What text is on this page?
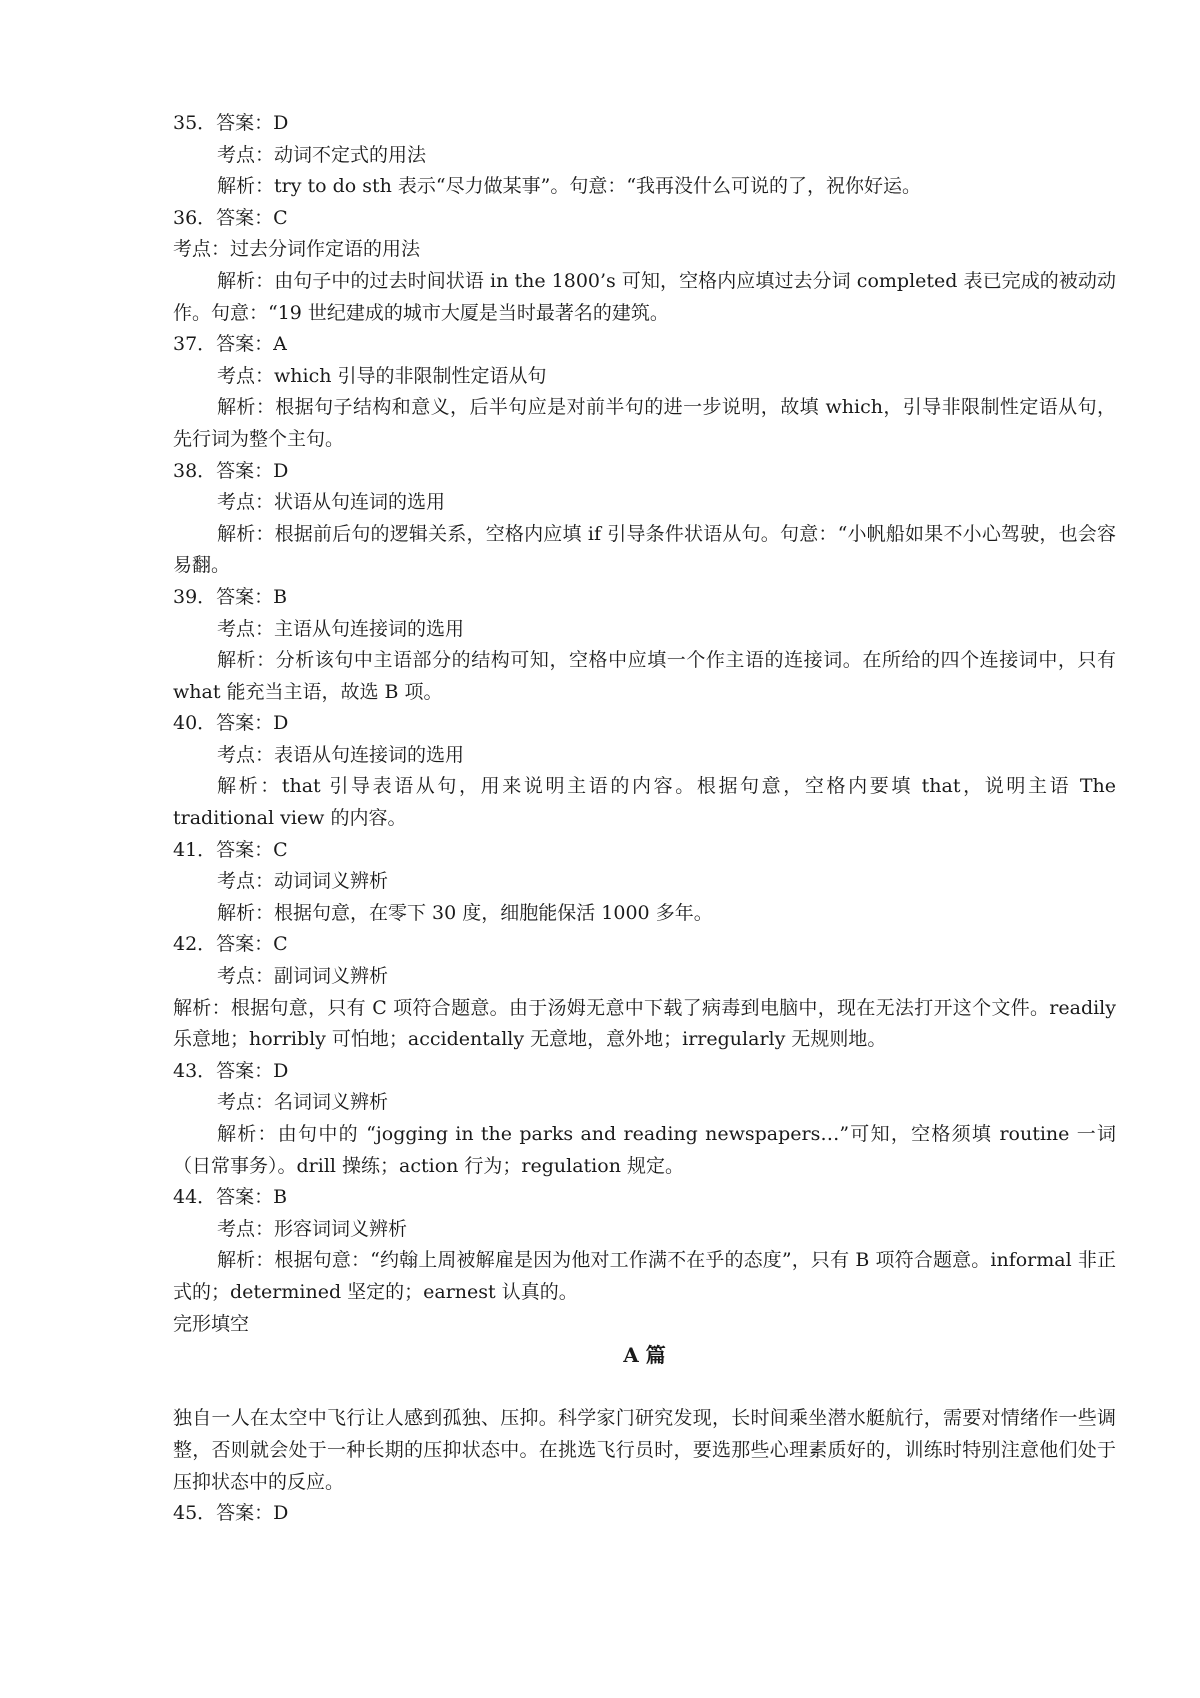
35．答案：D
考点：动词不定式的用法
解析：try to do sth 表示“尽力做某事”。句意：“我再没什么可说的了，祝你好运。
36．答案：C
考点：过去分词作定语的用法
解析：由句子中的过去时间状语 in the 1800’s 可知，空格内应填过去分词 completed 表已完成的被动动作。句意：“19 世纪建成的城市大厦是当时最著名的建筑。
37．答案：A
考点：which 引导的非限制性定语从句
解析：根据句子结构和意义，后半句应是对前半句的进一步说明，故填 which，引导非限制性定语从句，先行词为整个主句。
38．答案：D
考点：状语从句连词的选用
解析：根据前后句的逻辑关系，空格内应填 if 引导条件状语从句。句意：“小帆船如果不小心驾驶，也会容易翻。
39．答案：B
考点：主语从句连接词的选用
解析：分析该句中主语部分的结构可知，空格中应填一个作主语的连接词。在所给的四个连接词中，只有 what 能充当主语，故选 B 项。
40．答案：D
考点：表语从句连接词的选用
解析：that 引导表语从句，用来说明主语的内容。根据句意，空格内要填 that，说明主语 The traditional view 的内容。
41．答案：C
考点：动词词义辨析
解析：根据句意，在零下 30 度，细胞能保活 1000 多年。
42．答案：C
考点：副词词义辨析
解析：根据句意，只有 C 项符合题意。由于汤姆无意中下载了病毒到电脑中，现在无法打开这个文件。readily 乐意地；horribly 可怕地；accidentally 无意地，意外地；irregularly 无规则地。
43．答案：D
考点：名词词义辨析
解析：由句中的 “jogging in the parks and reading newspapers…”可知，空格须填 routine 一词（日常事务）。drill 操练；action 行为；regulation 规定。
44．答案：B
考点：形容词词义辨析
解析：根据句意：“约翰上周被解雇是因为他对工作满不在乎的态度”，只有 B 项符合题意。informal 非正式的；determined 坚定的；earnest 认真的。
完形填空
A 篇
独自一人在太空中飞行让人感到孤独、压抑。科学家门研究发现，长时间乘坐潜水艇航行，需要对情绪作一些调整，否则就会处于一种长期的压抑状态中。在挑选飞行员时，要选那些心理素质好的，训练时特别注意他们处于压抑状态中的反应。
45．答案：D
